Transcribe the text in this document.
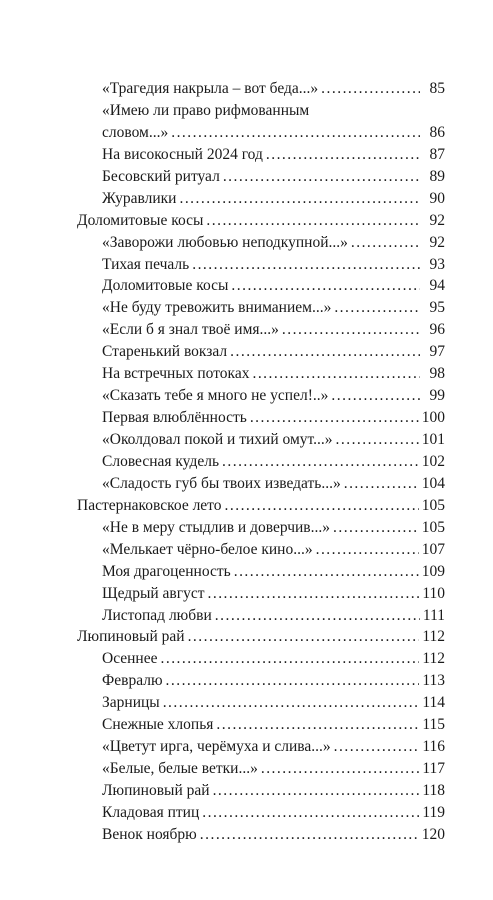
«Трагедия накрыла – вот беда...» . . .	85
«Имею ли право рифмованным
словом...» . . .	86
На високосный 2024 год . . .	87
Бесовский ритуал . . .	89
Журавлики . . .	90
Доломитовые косы . . .	92
«Заворожи любовью неподкупной...» . . .	92
Тихая печаль . . .	93
Доломитовые косы . . .	94
«Не буду тревожить вниманием...» . . .	95
«Если б я знал твоё имя...» . . .	96
Старенький вокзал . . .	97
На встречных потоках . . .	98
«Сказать тебе я много не успел!..» . . .	99
Первая влюблённость . . .	100
«Околдовал покой и тихий омут...» . . .	101
Словесная кудель . . .	102
«Сладость губ бы твоих изведать...» . . .	104
Пастернаковское лето . . .	105
«Не в меру стыдлив и доверчив...» . . .	105
«Мелькает чёрно-белое кино...» . . .	107
Моя драгоценность . . .	109
Щедрый август . . .	110
Листопад любви . . .	111
Люпиновый рай . . .	112
Осеннее . . .	112
Февралю . . .	113
Зарницы . . .	114
Снежные хлопья . . .	115
«Цветут ирга, черёмуха и слива...» . . .	116
«Белые, белые ветки...» . . .	117
Люпиновый рай . . .	118
Кладовая птиц . . .	119
Венок ноябрю . . .	120
